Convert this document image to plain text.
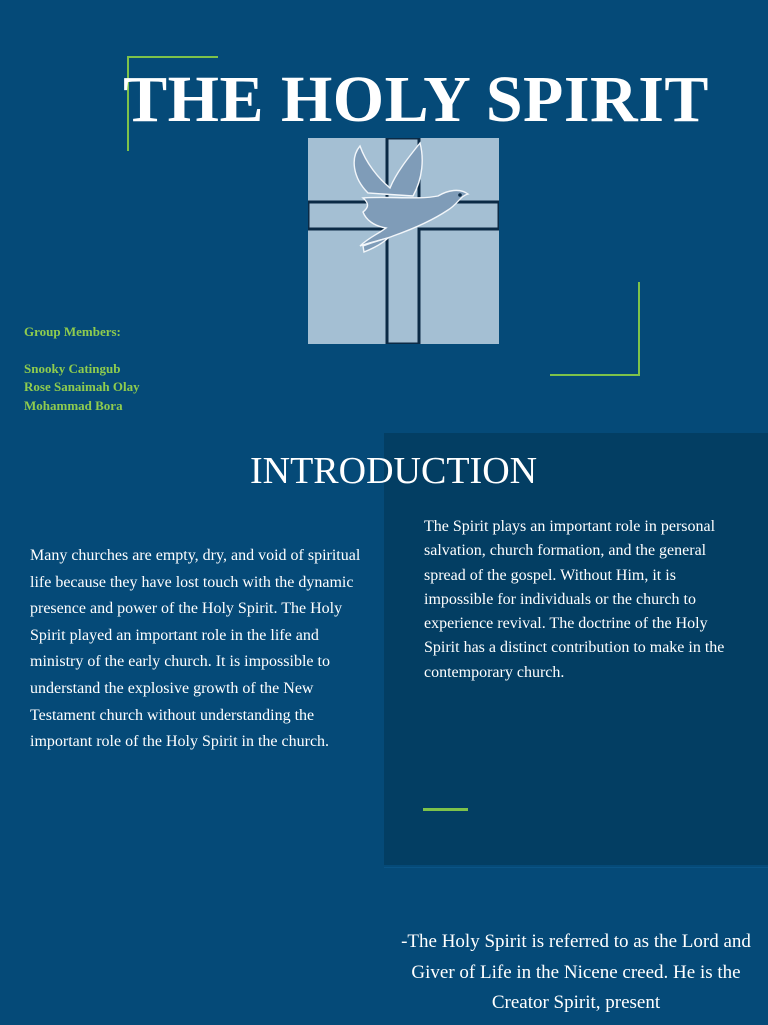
THE HOLY SPIRIT
Group Members:
Snooky Catingub
Rose Sanaimah Olay
Mohammad Bora
INTRODUCTION

Many churches are empty, dry, and void of spiritual life because they have lost touch with the dynamic presence and power of the Holy Spirit. The Holy Spirit played an important role in the life and ministry of the early church. It is impossible to understand the explosive growth of the New Testament church without understanding the important role of the Holy Spirit in the church.

The Spirit plays an important role in personal salvation, church formation, and the general spread of the gospel. Without Him, it is impossible for individuals or the church to experience revival. The doctrine of the Holy Spirit has a distinct contribution to make in the contemporary church.

-The Holy Spirit is referred to as the Lord and Giver of Life in the Nicene creed. He is the Creator Spirit, present
